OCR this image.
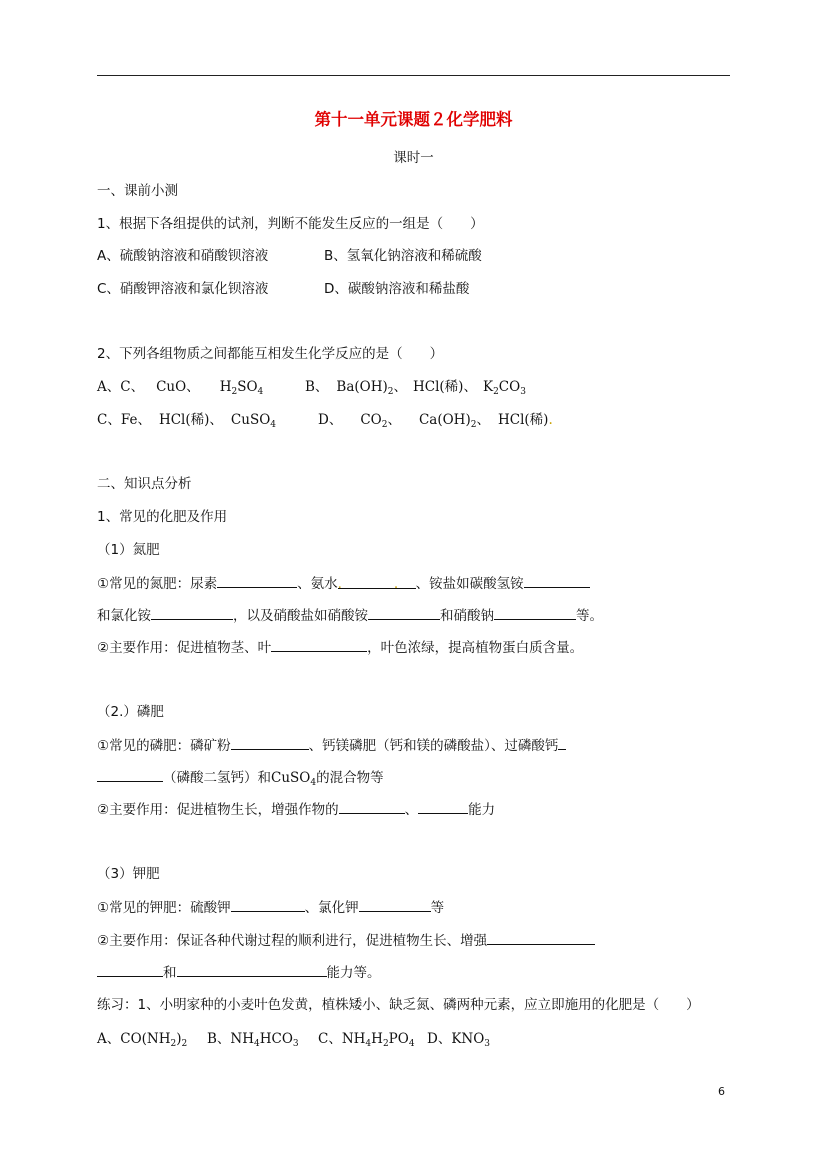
第十一单元课题２化学肥料
课时一
一、课前小测
1、根据下各组提供的试剂，判断不能发生反应的一组是（　　）
A、硫酸钠溶液和硝酸钡溶液	B、氢氧化钠溶液和稀硫酸
C、硝酸钾溶液和氯化钡溶液	D、碳酸钠溶液和稀盐酸
2、下列各组物质之间都能互相发生化学反应的是（　　）
A、C、 CuO、 $H_2SO_4$	B、 $Ba(OH)_2$、 HCl(稀)、 $K_2CO_3$
C、Fe、 HCl(稀)、 CuSO$_4$	D、 $CO_2$、 $Ca(OH)_2$、 HCl(稀).
二、知识点分析
1、常见的化肥及作用
（1）氮肥
①常见的氮肥：尿素	、氨水.	. 、铵盐如碳酸氢铵
和氯化铵	，以及硝酸盐如硝酸铵	和硝酸钠	等。
②主要作用：促进植物茎、叶	，叶色浓绿，提高植物蛋白质含量。
（2.）磷肥
①常见的磷肥：磷矿粉	、钙镁磷肥（钙和镁的磷酸盐）、过磷酸钙
（磷酸二氢钙）和CuSO$_4$的混合物等
②主要作用：促进植物生长，增强作物的	、	能力
（3）钾肥
①常见的钾肥：硫酸钾	、氯化钾	等
②主要作用：保证各种代谢过程的顺利进行，促进植物生长、增强
和	能力等。
练习：1、小明家种的小麦叶色发黄，植株矮小、缺乏氮、磷两种元素，应立即施用的化肥是（　　）
A、$CO(NH_2)_2$ B、$NH_4HCO_3$ C、$NH_4H_2PO_4$ D、$KNO_3$
6
